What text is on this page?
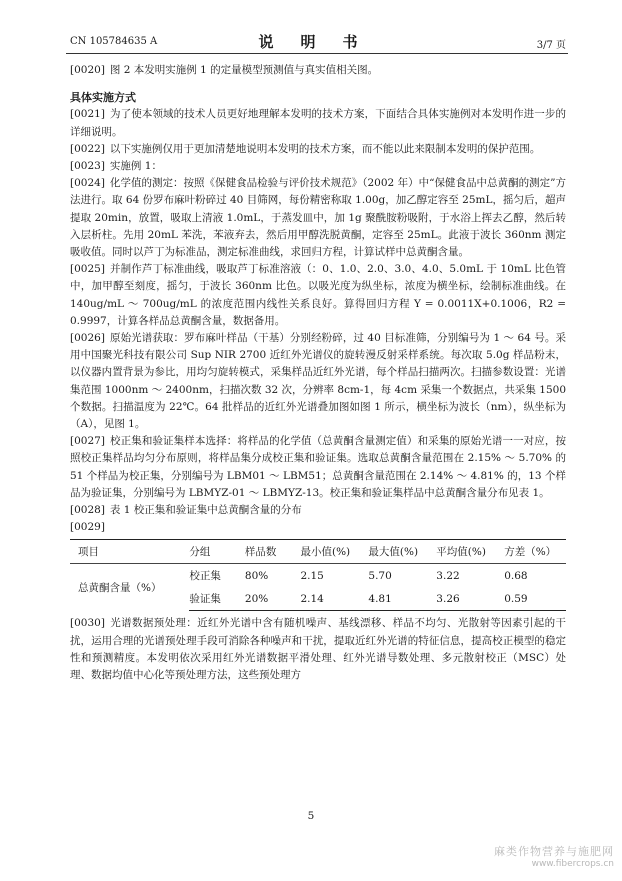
CN 105784635 A	说　明　书	3/7 页

[0020] 图 2 本发明实施例 1 的定量模型预测值与真实值相关图。

具体实施方式

[0021] 为了使本领域的技术人员更好地理解本发明的技术方案，下面结合具体实施例对本发明作进一步的详细说明。

[0022] 以下实施例仅用于更加清楚地说明本发明的技术方案，而不能以此来限制本发明的保护范围。

[0023] 实施例 1：

[0024] 化学值的测定：按照《保健食品检验与评价技术规范》（2002 年）中“保健食品中总黄酮的测定”方法进行。取 64 份罗布麻叶粉碎过 40 目筛网，每份精密称取 1.00g，加乙醇定容至 25mL，摇匀后，超声提取 20min，放置，吸取上清液 1.0mL，于蒸发皿中，加 1g 聚酰胺粉吸附，于水浴上挥去乙醇，然后转入层析柱。先用 20mL 苯洗，苯液弃去，然后用甲醇洗脱黄酮，定容至 25mL。此液于波长 360nm 测定吸收值。同时以芦丁为标准品，测定标准曲线，求回归方程，计算试样中总黄酮含量。

[0025] 并制作芦丁标准曲线，吸取芦丁标准溶液（：0、1.0、2.0、3.0、4.0、5.0mL 于 10mL 比色管中，加甲醇至刻度，摇匀，于波长 360nm 比色。以吸光度为纵坐标，浓度为横坐标，绘制标准曲线。在 140ug/mL ～ 700ug/mL 的浓度范围内线性关系良好。算得回归方程 Y = 0.0011X+0.1006，R2 = 0.9997，计算各样品总黄酮含量，数据备用。

[0026] 原始光谱获取：罗布麻叶样品（干基）分别经粉碎，过 40 目标准筛，分别编号为 1 ～ 64 号。采用中国聚光科技有限公司 Sup NIR 2700 近红外光谱仪的旋转漫反射采样系统。每次取 5.0g 样品粉末，以仪器内置背景为参比，用均匀旋转模式，采集样品近红外光谱，每个样品扫描两次。扫描参数设置：光谱集范围 1000nm ～ 2400nm，扫描次数 32 次，分辨率 8cm-1，每 4cm 采集一个数据点，共采集 1500 个数据。扫描温度为 22℃。64 批样品的近红外光谱叠加图如图 1 所示，横坐标为波长（nm），纵坐标为（A），见图 1。

[0027] 校正集和验证集样本选择：将样品的化学值（总黄酮含量测定值）和采集的原始光谱一一对应，按照校正集样品均匀分布原则，将样品集分成校正集和验证集。选取总黄酮含量范围在 2.15% ～ 5.70% 的 51 个样品为校正集，分别编号为 LBM01 ～ LBM51；总黄酮含量范围在 2.14% ～ 4.81% 的，13 个样品为验证集，分别编号为 LBMYZ-01 ～ LBMYZ-13。校正集和验证集样品中总黄酮含量分布见表 1。

[0028] 表 1 校正集和验证集中总黄酮含量的分布

[0029]

项目	分组	样品数	最小值(%)	最大值(%)	平均值(%)	方差（%）
总黄酮含量（%）	校正集	80%	2.15	5.70	3.22	0.68
	验证集	20%	2.14	4.81	3.26	0.59

[0030] 光谱数据预处理：近红外光谱中含有随机噪声、基线漂移、样品不均匀、光散射等因素引起的干扰，运用合理的光谱预处理手段可消除各种噪声和干扰，提取近红外光谱的特征信息，提高校正模型的稳定性和预测精度。本发明依次采用红外光谱数据平滑处理、红外光谱导数处理、多元散射校正（MSC）处理、数据均值中心化等预处理方法，这些预处理方

5
麻类作物营养与施肥网
www.fibercrops.cn
